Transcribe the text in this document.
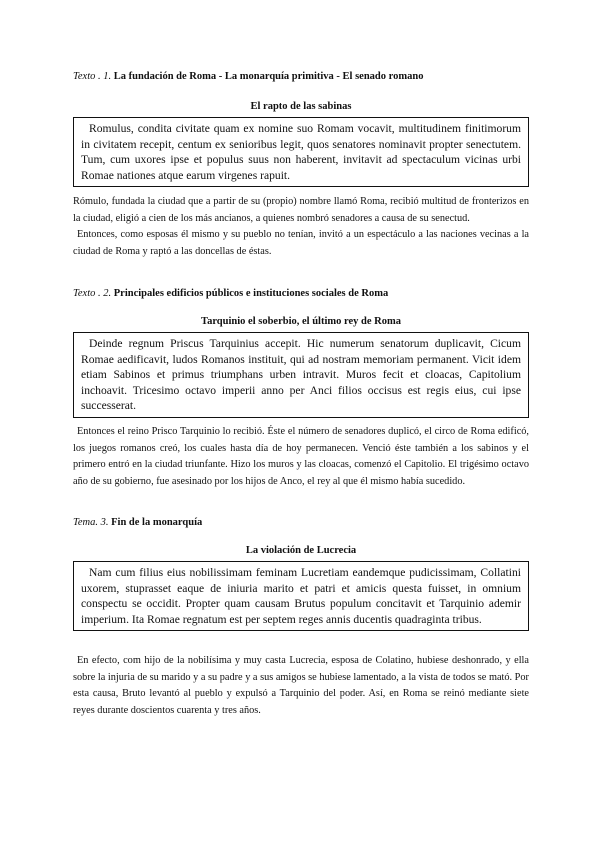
Texto . 1. La fundación de Roma - La monarquía primitiva - El senado romano
El rapto de las sabinas

Romulus, condita civitate quam ex nomine suo Romam vocavit, multitudinem finitimorum in civitatem recepit, centum ex senioribus legit, quos senatores nominavit propter senectutem. Tum, cum uxores ipse et populus suus non haberent, invitavit ad spectaculum vicinas urbi Romae nationes atque earum virgenes rapuit.

Rómulo, fundada la ciudad que a partir de su (propio) nombre llamó Roma, recibió multitud de fronterizos en la ciudad, eligió a cien de los más ancianos, a quienes nombró senadores a causa de su senectud.

Entonces, como esposas él mismo y su pueblo no tenían, invitó a un espectáculo a las naciones vecinas a la ciudad de Roma y raptó a las doncellas de éstas.

Texto . 2. Principales edificios públicos e instituciones sociales de Roma
Tarquinio el soberbio, el último rey de Roma

Deinde regnum Priscus Tarquinius accepit. Hic numerum senatorum duplicavit, Cicum Romae aedificavit, ludos Romanos instituit, qui ad nostram memoriam permanent. Vicit idem etiam Sabinos et primus triumphans urben intravit. Muros fecit et cloacas, Capitolium inchoavit. Tricesimo octavo imperii anno per Anci filios occisus est regis eius, cui ipse successerat.

Entonces el reino Prisco Tarquinio lo recibió. Éste el número de senadores duplicó, el circo de Roma edificó, los juegos romanos creó, los cuales hasta día de hoy permanecen. Venció éste también a los sabinos y el primero entró en la ciudad triunfante. Hizo los muros y las cloacas, comenzó el Capitolio. El trigésimo octavo año de su gobierno, fue asesinado por los hijos de Anco, el rey al que él mismo había sucedido.

Tema. 3. Fin de la monarquía
La violación de Lucrecia

Nam cum filius eius nobilissimam feminam Lucretiam eandemque pudicissimam, Collatini uxorem, stuprasset eaque de iniuria marito et patri et amicis questa fuisset, in omnium conspectu se occidit. Propter quam causam Brutus populum concitavit et Tarquinio ademir imperium. Ita Romae regnatum est per septem reges annis ducentis quadraginta tribus.

En efecto, com hijo de la nobilísima y muy casta Lucrecia, esposa de Colatino, hubiese deshonrado, y ella sobre la injuria de su marido y a su padre y a sus amigos se hubiese lamentado, a la vista de todos se mató. Por esta causa, Bruto levantó al pueblo y expulsó a Tarquinio del poder. Así, en Roma se reinó mediante siete reyes durante doscientos cuarenta y tres años.
